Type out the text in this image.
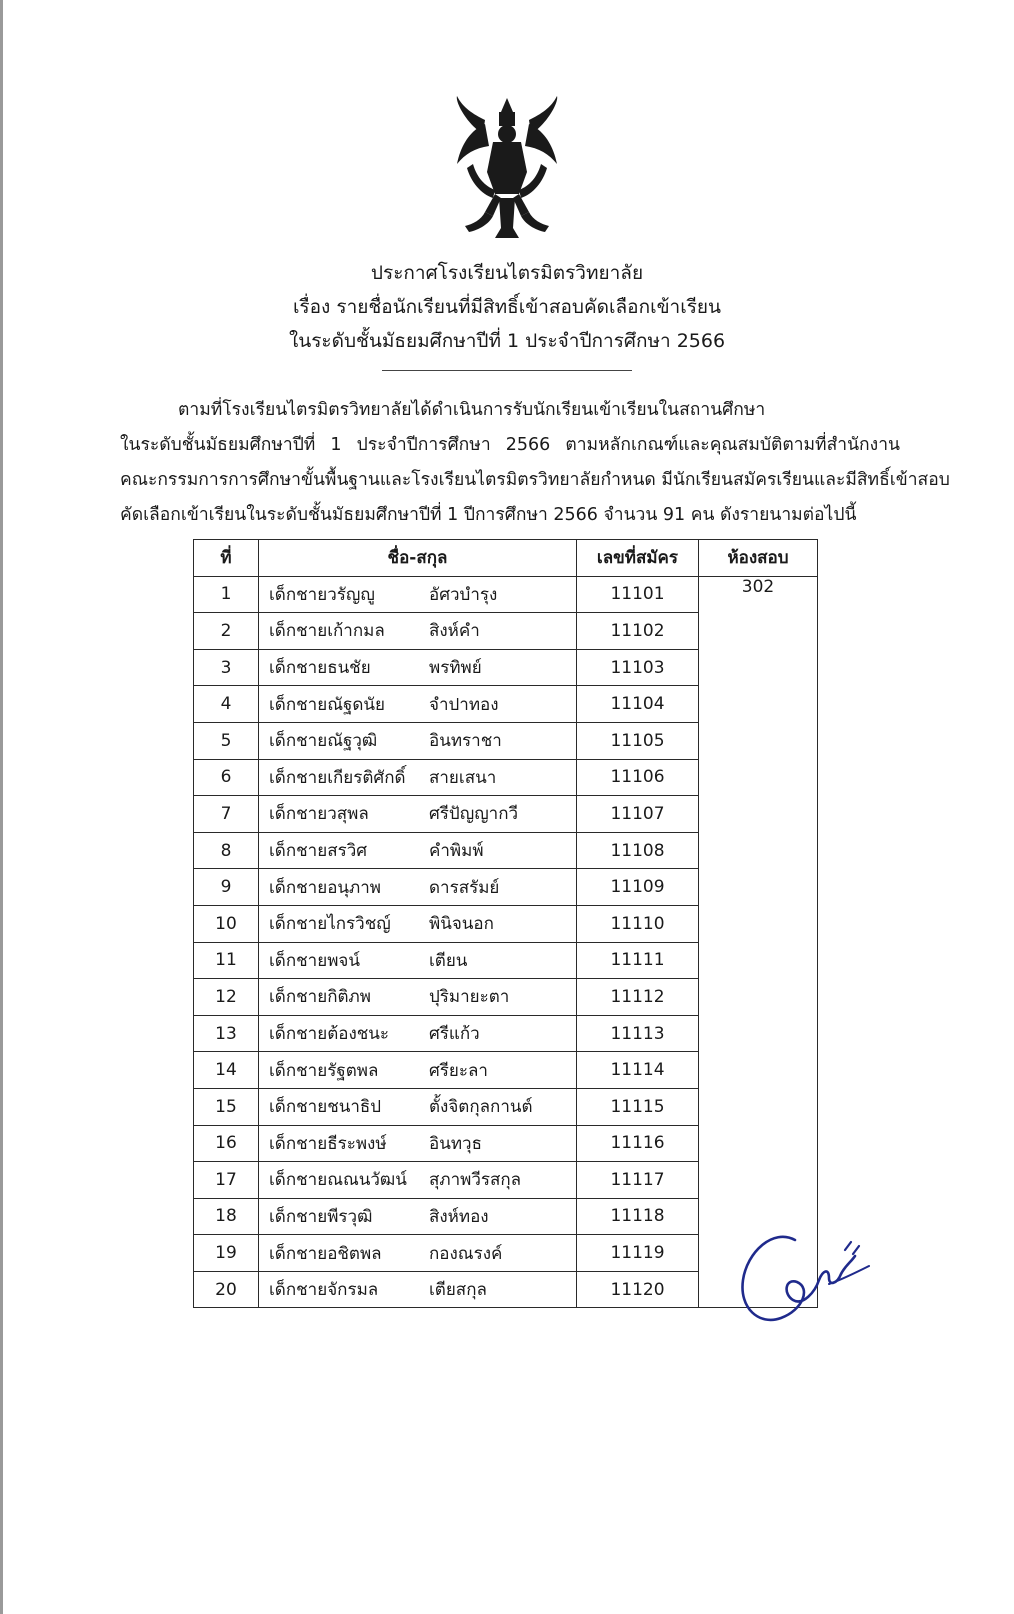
ประกาศโรงเรียนไตรมิตรวิทยาลัย
เรื่อง รายชื่อนักเรียนที่มีสิทธิ์เข้าสอบคัดเลือกเข้าเรียน
ในระดับชั้นมัธยมศึกษาปีที่ 1 ประจำปีการศึกษา 2566
ตามที่โรงเรียนไตรมิตรวิทยาลัยได้ดำเนินการรับนักเรียนเข้าเรียนในสถานศึกษา
ในระดับชั้นมัธยมศึกษาปีที่ 1 ประจำปีการศึกษา 2566 ตามหลักเกณฑ์และคุณสมบัติตามที่สำนักงาน
คณะกรรมการการศึกษาขั้นพื้นฐานและโรงเรียนไตรมิตรวิทยาลัยกำหนด มีนักเรียนสมัครเรียนและมีสิทธิ์เข้าสอบ
คัดเลือกเข้าเรียนในระดับชั้นมัธยมศึกษาปีที่ 1 ปีการศึกษา 2566 จำนวน 91 คน ดังรายนามต่อไปนี้
ที่	ชื่อ-สกุล	เลขที่สมัคร	ห้องสอบ
1	เด็กชายวรัญญู อัศวบำรุง	11101	302
2	เด็กชายเก้ากมล สิงห์คำ	11102	
3	เด็กชายธนชัย พรทิพย์	11103	
4	เด็กชายณัฐดนัย จำปาทอง	11104	
5	เด็กชายณัฐวุฒิ อินทราชา	11105	
6	เด็กชายเกียรติศักดิ์ สายเสนา	11106	
7	เด็กชายวสุพล ศรีปัญญากวี	11107	
8	เด็กชายสรวิศ คำพิมพ์	11108	
9	เด็กชายอนุภาพ ดารสรัมย์	11109	
10	เด็กชายไกรวิชญ์ พินิจนอก	11110	
11	เด็กชายพจน์ เตียน	11111	
12	เด็กชายกิติภพ ปุริมายะตา	11112	
13	เด็กชายต้องชนะ ศรีแก้ว	11113	
14	เด็กชายรัฐตพล ศรียะลา	11114	
15	เด็กชายชนาธิป ตั้งจิตกุลกานต์	11115	
16	เด็กชายธีระพงษ์ อินทวุธ	11116	
17	เด็กชายณณนวัฒน์ สุภาพวีรสกุล	11117	
18	เด็กชายพีรวุฒิ สิงห์ทอง	11118	
19	เด็กชายอชิตพล กองณรงค์	11119	
20	เด็กชายจักรมล เตียสกุล	11120	
